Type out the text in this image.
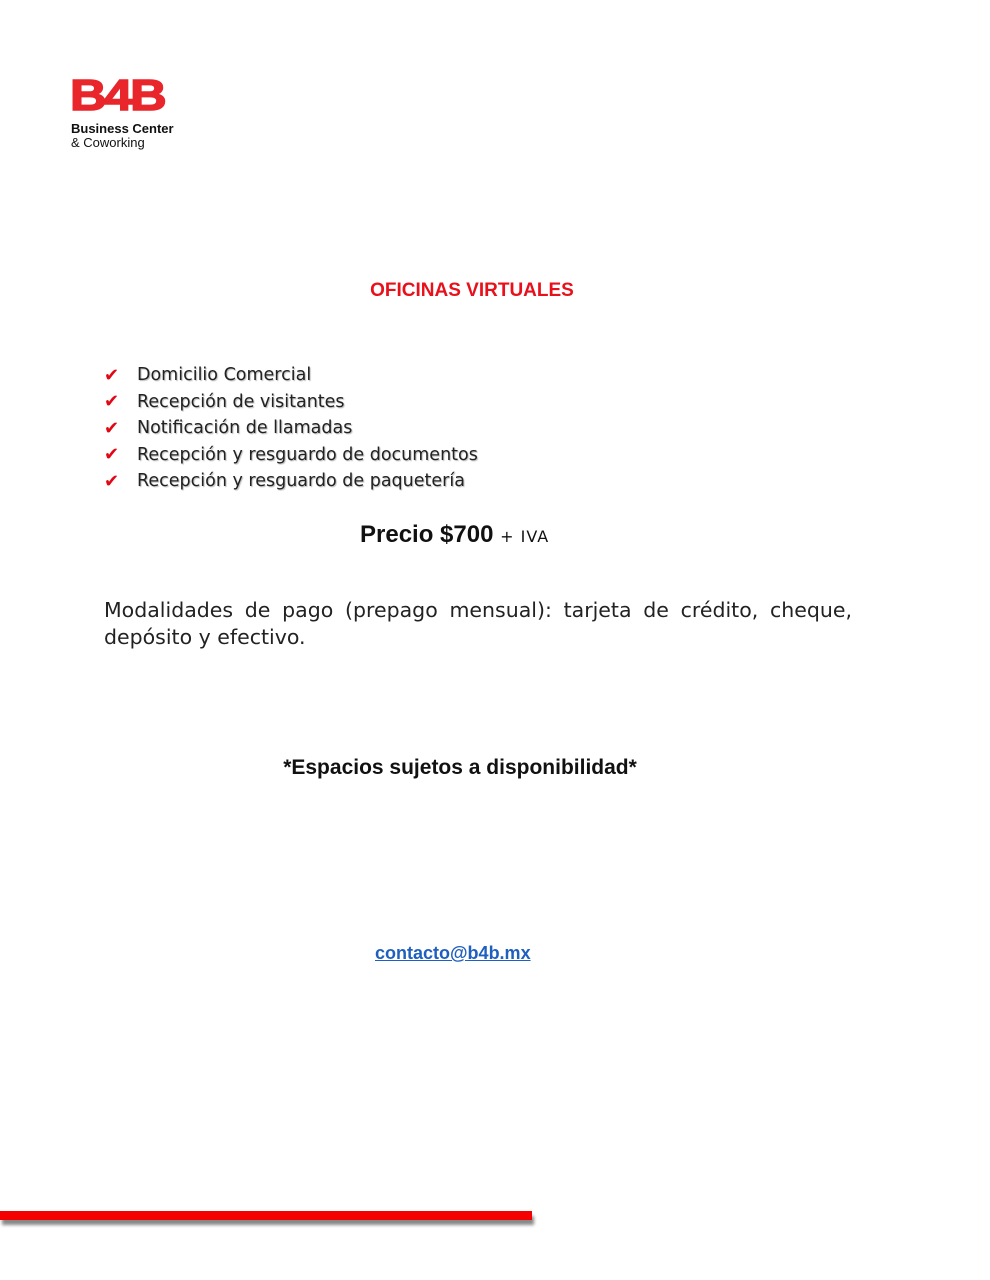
B4B
Business Center
& Coworking
OFICINAS VIRTUALES
✔	Domicilio Comercial
✔	Recepción de visitantes
✔	Notificación de llamadas
✔	Recepción y resguardo de documentos
✔	Recepción y resguardo de paquetería
Precio $700 + IVA
Modalidades de pago (prepago mensual): tarjeta de crédito, cheque, depósito y efectivo.
*Espacios sujetos a disponibilidad*
contacto@b4b.mx
